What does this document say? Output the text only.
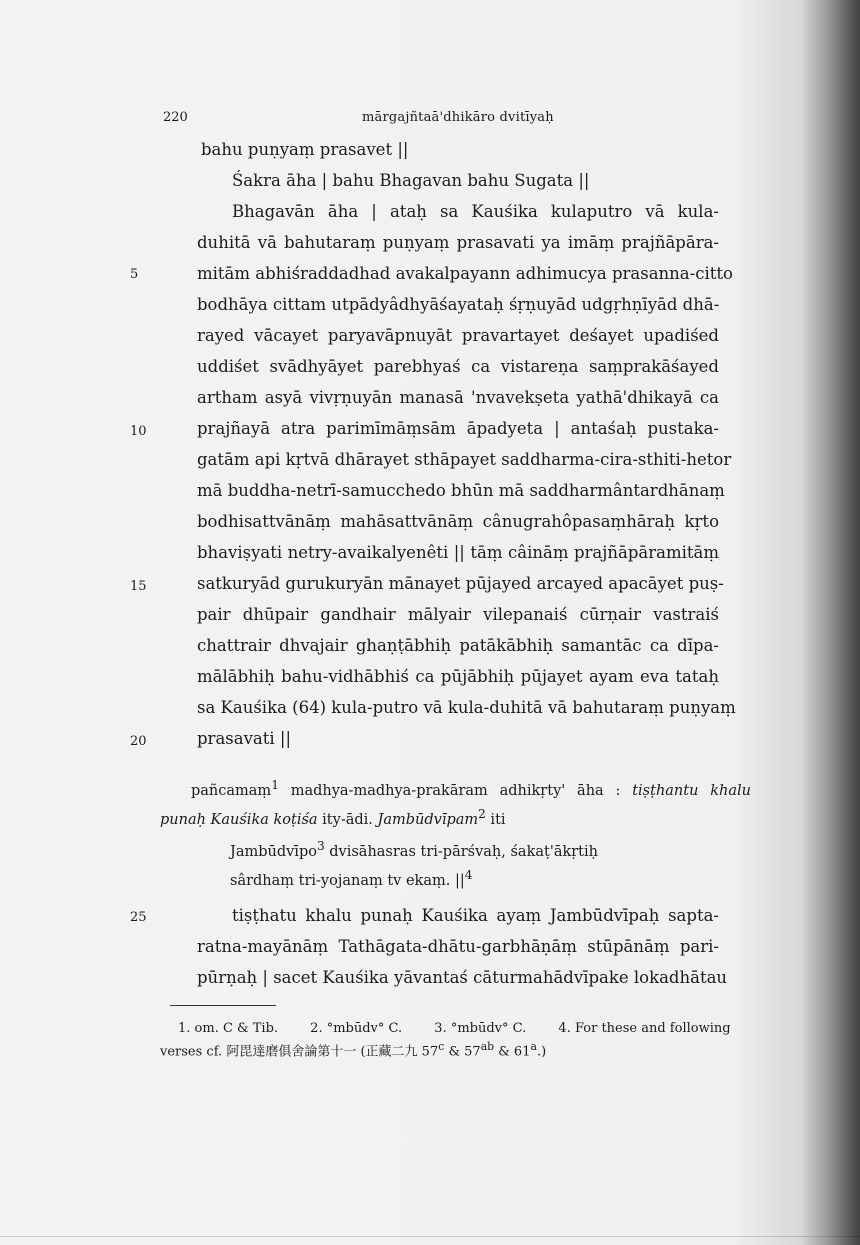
220	mārgajñtaā'dhikāro dvitīyaḥ
5
10
15
20
25
bahu puṇyaṃ prasavet ||
Śakra āha | bahu Bhagavan bahu Sugata ||
Bhagavān āha | ataḥ sa Kauśika kulaputro vā kula-
duhitā vā bahutaraṃ puṇyaṃ prasavati ya imāṃ prajñāpāra-
mitām abhiśraddadhad avakalpayann adhimucya prasanna-citto
bodhāya cittam utpādyâdhyāśayataḥ śṛṇuyād udgṛhṇīyād dhā-
rayed vācayet paryavāpnuyāt pravartayet deśayet upadiśed
uddiśet svādhyāyet parebhyaś ca vistareṇa saṃprakāśayed
artham asyā vivṛṇuyān manasā 'nvavekṣeta yathā'dhikayā ca
prajñayā atra parimīmāṃsām āpadyeta | antaśaḥ pustaka-
gatām api kṛtvā dhārayet sthāpayet saddharma-cira-sthiti-hetor
mā buddha-netrī-samucchedo bhūn mā saddharmântardhānaṃ
bodhisattvānāṃ mahāsattvānāṃ cânugrahôpasaṃhāraḥ kṛto
bhaviṣyati netry-avaikalyenêti || tāṃ câināṃ prajñāpāramitāṃ
satkuryād gurukuryān mānayet pūjayed arcayed apacāyet puṣ-
pair dhūpair gandhair mālyair vilepanaiś cūrṇair vastraiś
chattrair dhvajair ghaṇṭābhiḥ patākābhiḥ samantāc ca dīpa-
mālābhiḥ bahu-vidhābhiś ca pūjābhiḥ pūjayet ayam eva tataḥ
sa Kauśika (64) kula-putro vā kula-duhitā vā bahutaraṃ puṇyaṃ
prasavati ||
pañcamaṃ$^1$ madhya-madhya-prakāram adhikṛty' āha : tiṣṭhantu khalu
punaḥ Kauśika koṭiśa ity-ādi. Jambūdvīpam$^2$ iti
Jambūdvīpo$^3$ dvisāhasras tri-pārśvaḥ, śakaṭ'ākṛtiḥ
sârdhaṃ tri-yojanaṃ tv ekaṃ. $||^4$
tiṣṭhatu khalu punaḥ Kauśika ayaṃ Jambūdvīpaḥ sapta-
ratna-mayānāṃ Tathāgata-dhātu-garbhāṇāṃ stūpānāṃ pari-
pūrṇaḥ | sacet Kauśika yāvantaś cāturmahādvīpake lokadhātau
1. om. C & Tib. 2. °mbūdv° C. 3. °mbūdv° C. 4. For these and following
verses cf. 阿毘達磨俱舍論第十一 (正藏二九 57$^c$ & $57^{ab}$ & 61$^a$.)
